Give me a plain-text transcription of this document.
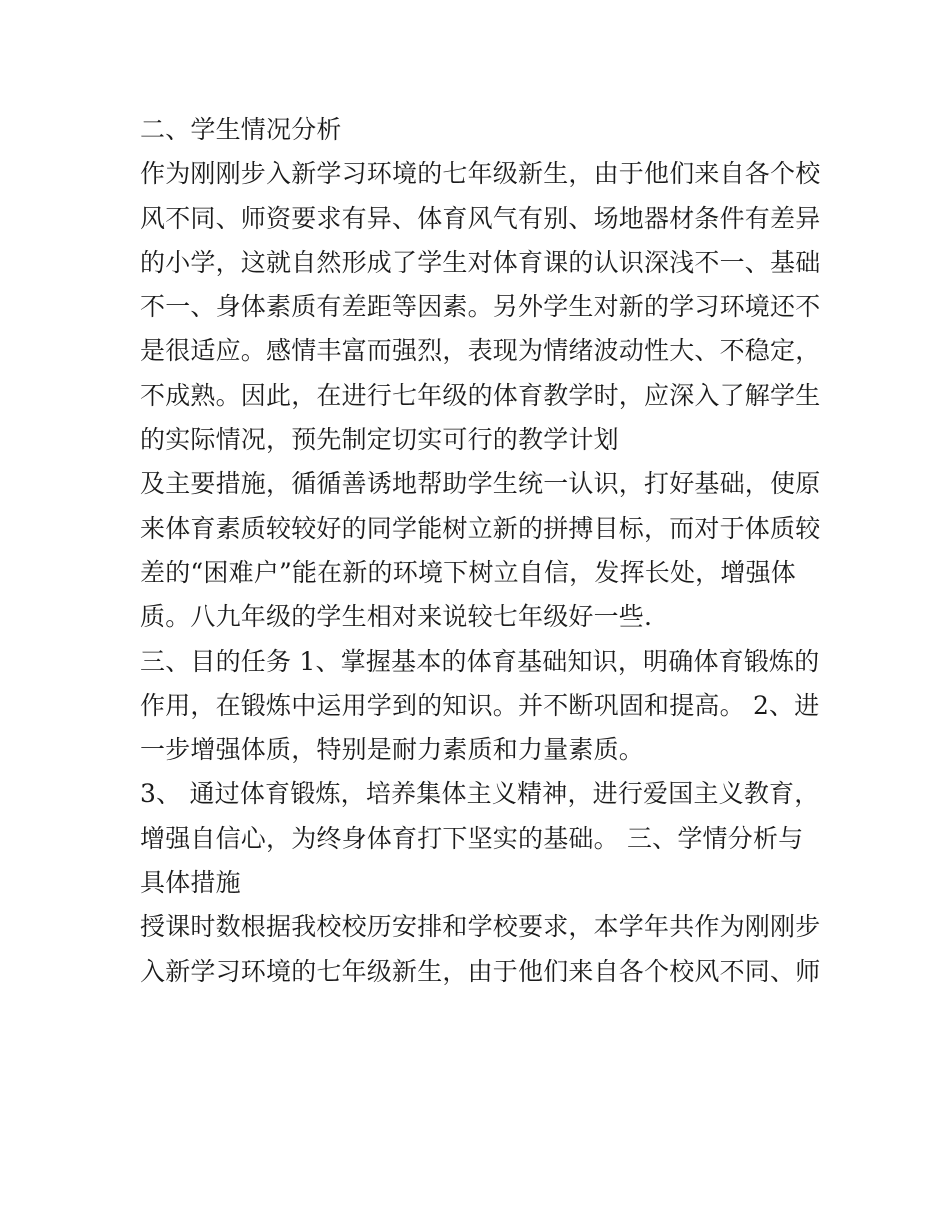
二、学生情况分析
作为刚刚步入新学习环境的七年级新生，由于他们来自各个校
风不同、师资要求有异、体育风气有别、场地器材条件有差异
的小学，这就自然形成了学生对体育课的认识深浅不一、基础
不一、身体素质有差距等因素。另外学生对新的学习环境还不
是很适应。感情丰富而强烈，表现为情绪波动性大、不稳定，
不成熟。因此，在进行七年级的体育教学时，应深入了解学生
的实际情况，预先制定切实可行的教学计划
及主要措施，循循善诱地帮助学生统一认识，打好基础，使原
来体育素质较较好的同学能树立新的拼搏目标，而对于体质较
差的“困难户”能在新的环境下树立自信，发挥长处，增强体
质。八九年级的学生相对来说较七年级好一些.
三、目的任务 1、掌握基本的体育基础知识，明确体育锻炼的
作用，在锻炼中运用学到的知识。并不断巩固和提高。 2、进
一步增强体质，特别是耐力素质和力量素质。
3、 通过体育锻炼，培养集体主义精神，进行爱国主义教育，
增强自信心，为终身体育打下坚实的基础。 三、学情分析与
具体措施
授课时数根据我校校历安排和学校要求，本学年共作为刚刚步
入新学习环境的七年级新生，由于他们来自各个校风不同、师
